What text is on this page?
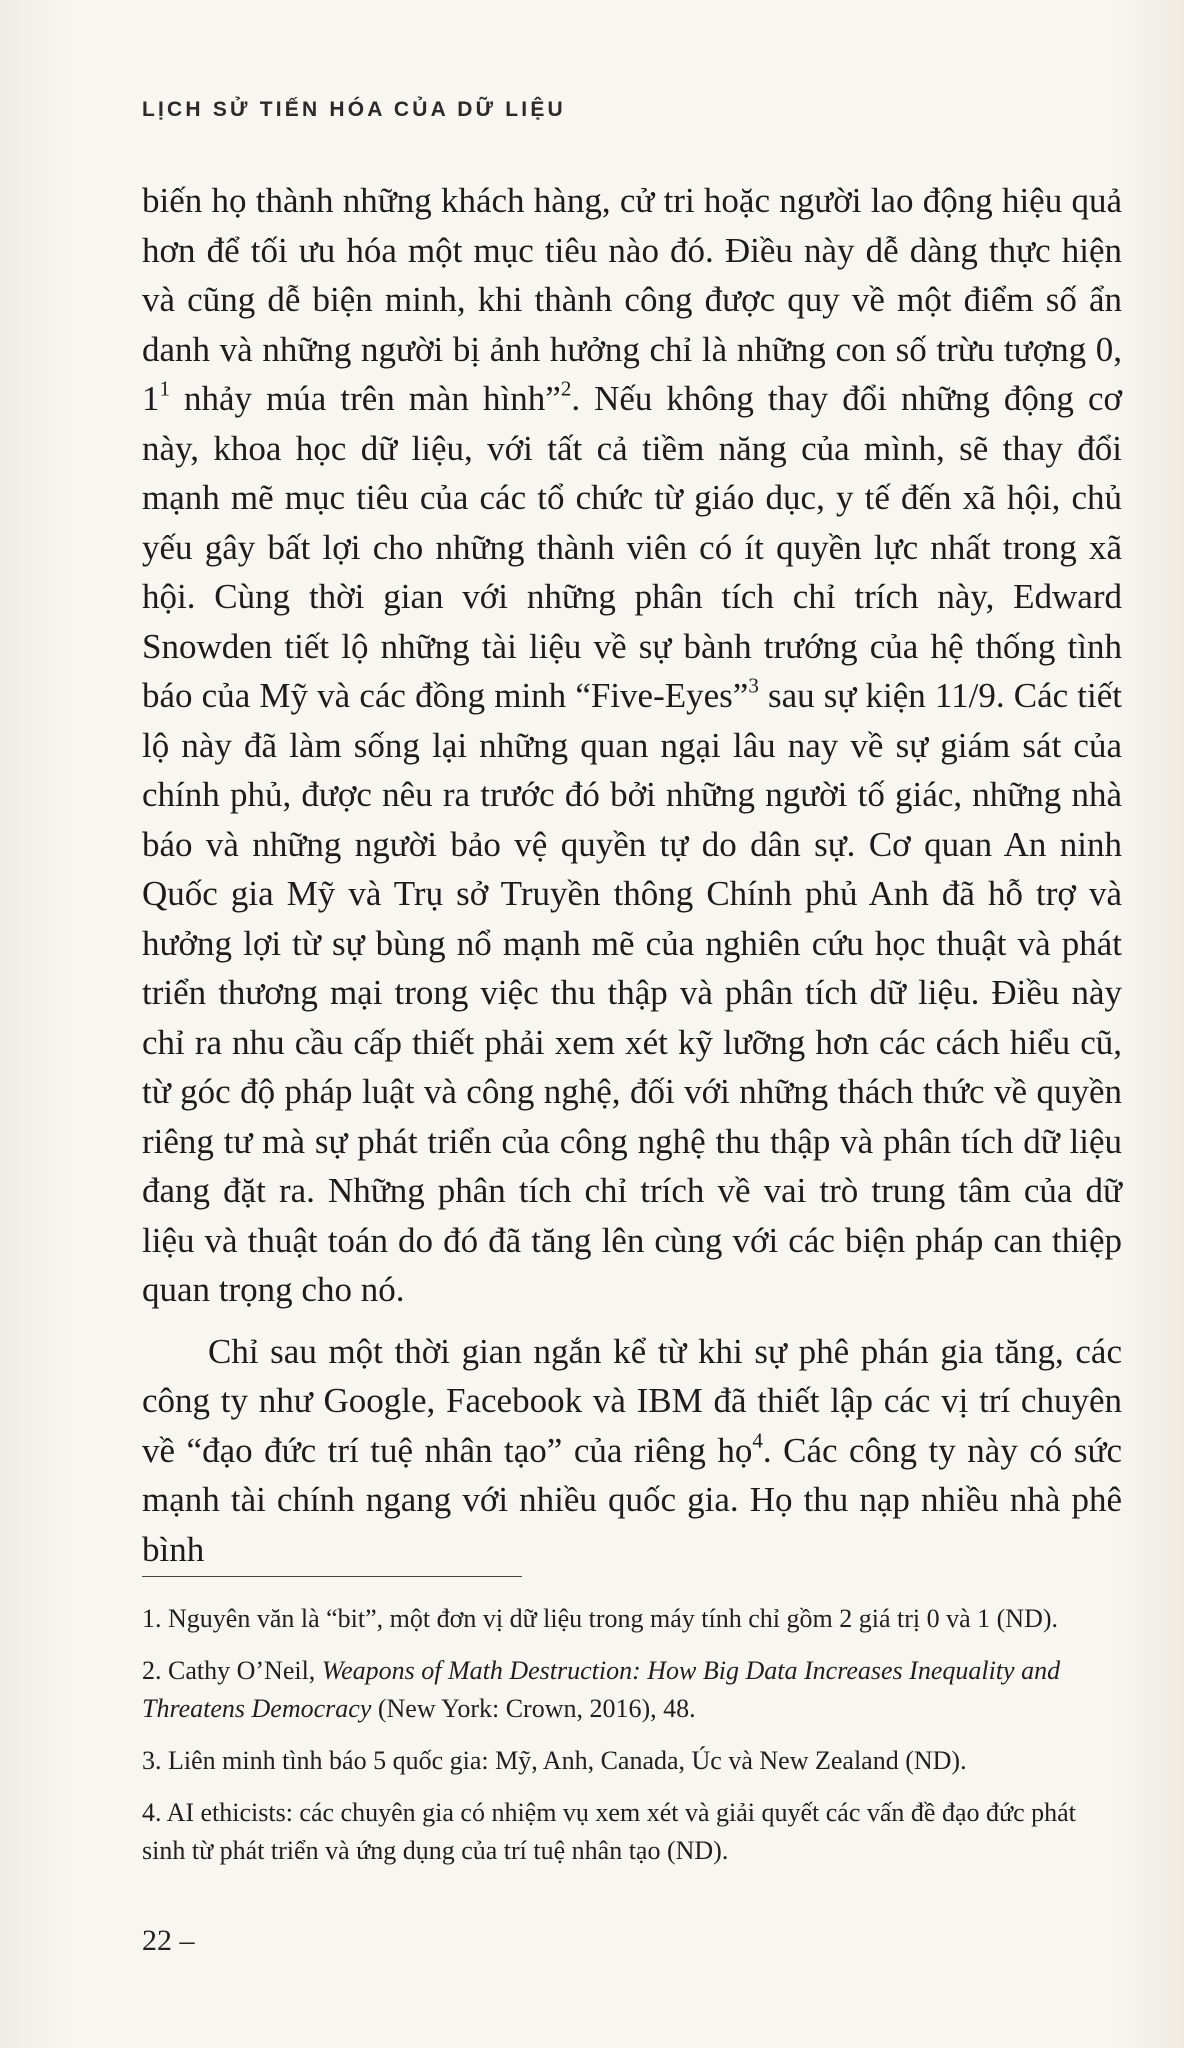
LỊCH SỬ TIẾN HÓA CỦA DỮ LIỆU

biến họ thành những khách hàng, cử tri hoặc người lao động hiệu quả hơn để tối ưu hóa một mục tiêu nào đó. Điều này dễ dàng thực hiện và cũng dễ biện minh, khi thành công được quy về một điểm số ẩn danh và những người bị ảnh hưởng chỉ là những con số trừu tượng 0, $1^1$ nhảy múa trên màn hình”$^2$. Nếu không thay đổi những động cơ này, khoa học dữ liệu, với tất cả tiềm năng của mình, sẽ thay đổi mạnh mẽ mục tiêu của các tổ chức từ giáo dục, y tế đến xã hội, chủ yếu gây bất lợi cho những thành viên có ít quyền lực nhất trong xã hội. Cùng thời gian với những phân tích chỉ trích này, Edward Snowden tiết lộ những tài liệu về sự bành trướng của hệ thống tình báo của Mỹ và các đồng minh “Five-Eyes”$^3$ sau sự kiện 11/9. Các tiết lộ này đã làm sống lại những quan ngại lâu nay về sự giám sát của chính phủ, được nêu ra trước đó bởi những người tố giác, những nhà báo và những người bảo vệ quyền tự do dân sự. Cơ quan An ninh Quốc gia Mỹ và Trụ sở Truyền thông Chính phủ Anh đã hỗ trợ và hưởng lợi từ sự bùng nổ mạnh mẽ của nghiên cứu học thuật và phát triển thương mại trong việc thu thập và phân tích dữ liệu. Điều này chỉ ra nhu cầu cấp thiết phải xem xét kỹ lưỡng hơn các cách hiểu cũ, từ góc độ pháp luật và công nghệ, đối với những thách thức về quyền riêng tư mà sự phát triển của công nghệ thu thập và phân tích dữ liệu đang đặt ra. Những phân tích chỉ trích về vai trò trung tâm của dữ liệu và thuật toán do đó đã tăng lên cùng với các biện pháp can thiệp quan trọng cho nó.

Chỉ sau một thời gian ngắn kể từ khi sự phê phán gia tăng, các công ty như Google, Facebook và IBM đã thiết lập các vị trí chuyên về “đạo đức trí tuệ nhân tạo” của riêng họ$^4$. Các công ty này có sức mạnh tài chính ngang với nhiều quốc gia. Họ thu nạp nhiều nhà phê bình

1. Nguyên văn là “bit”, một đơn vị dữ liệu trong máy tính chỉ gồm 2 giá trị 0 và 1 (ND).

2. Cathy O’Neil, Weapons of Math Destruction: How Big Data Increases Inequality and Threatens Democracy (New York: Crown, 2016), 48.

3. Liên minh tình báo 5 quốc gia: Mỹ, Anh, Canada, Úc và New Zealand (ND).

4. AI ethicists: các chuyên gia có nhiệm vụ xem xét và giải quyết các vấn đề đạo đức phát sinh từ phát triển và ứng dụng của trí tuệ nhân tạo (ND).

22 –
